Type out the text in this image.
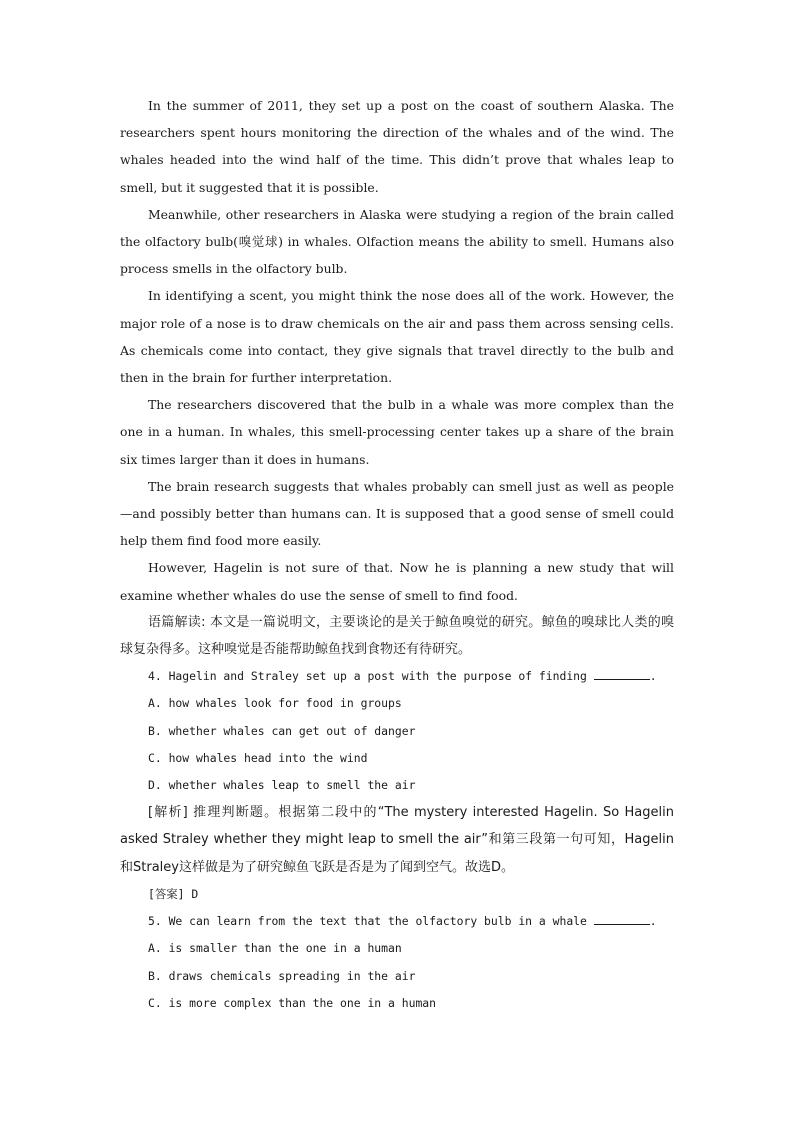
In the summer of 2011, they set up a post on the coast of southern Alaska. The researchers spent hours monitoring the direction of the whales and of the wind. The whales headed into the wind half of the time. This didn’t prove that whales leap to smell, but it suggested that it is possible.

Meanwhile, other researchers in Alaska were studying a region of the brain called the olfactory bulb(嗅觉球) in whales. Olfaction means the ability to smell. Humans also process smells in the olfactory bulb.

In identifying a scent, you might think the nose does all of the work. However, the major role of a nose is to draw chemicals on the air and pass them across sensing cells. As chemicals come into contact, they give signals that travel directly to the bulb and then in the brain for further interpretation.

The researchers discovered that the bulb in a whale was more complex than the one in a human. In whales, this smell-processing center takes up a share of the brain six times larger than it does in humans.

The brain research suggests that whales probably can smell just as well as people—and possibly better than humans can. It is supposed that a good sense of smell could help them find food more easily.

However, Hagelin is not sure of that. Now he is planning a new study that will examine whether whales do use the sense of smell to find food.

语篇解读: 本文是一篇说明文，主要谈论的是关于鲸鱼嗅觉的研究。鲸鱼的嗅球比人类的嗅球复杂得多。这种嗅觉是否能帮助鲸鱼找到食物还有待研究。

4. Hagelin and Straley set up a post with the purpose of finding	.

A. how whales look for food in groups

B. whether whales can get out of danger

C. how whales head into the wind

D. whether whales leap to smell the air

[解析] 推理判断题。根据第二段中的“The mystery interested Hagelin. So Hagelin asked Straley whether they might leap to smell the air”和第三段第一句可知，Hagelin和Straley这样做是为了研究鲸鱼飞跃是否是为了闻到空气。故选D。

[答案] D

5. We can learn from the text that the olfactory bulb in a whale	.

A. is smaller than the one in a human

B. draws chemicals spreading in the air

C. is more complex than the one in a human
